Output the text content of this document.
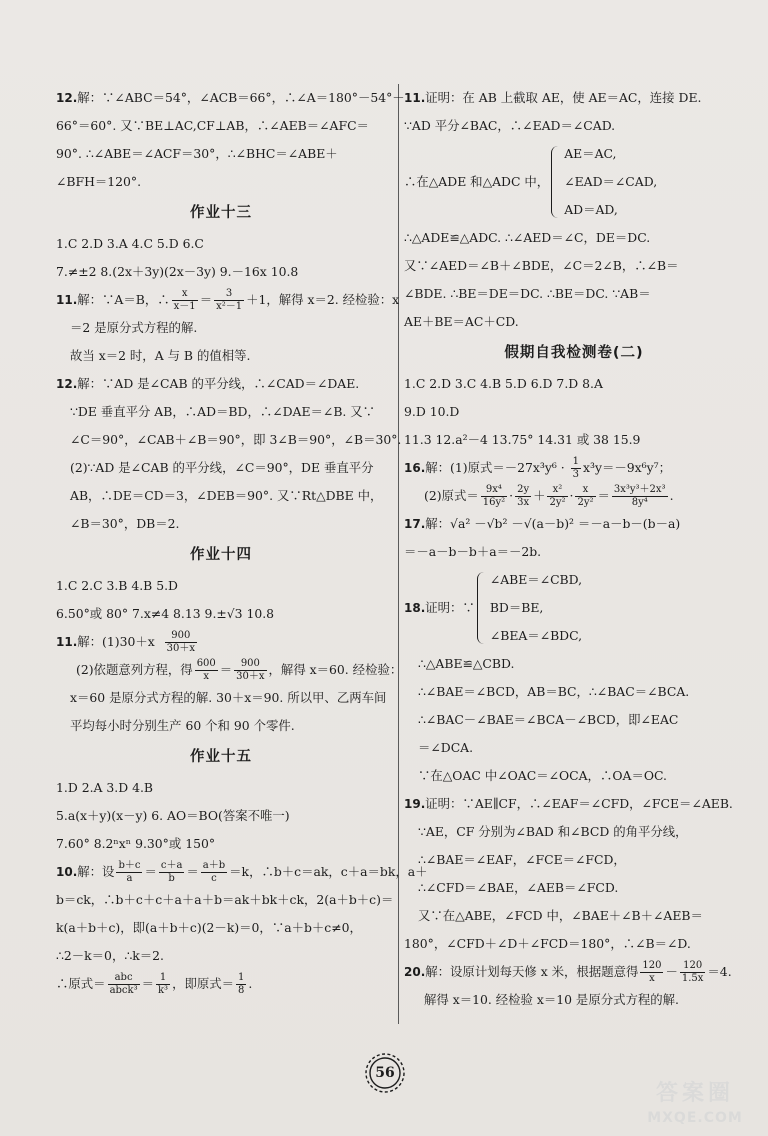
12.解：∵∠ABC＝54°，∠ACB＝66°，∴∠A＝180°－54°－
66°＝60°. 又∵BE⊥AC,CF⊥AB，∴∠AEB＝∠AFC＝
90°. ∴∠ABE＝∠ACF＝30°，∴∠BHC＝∠ABE＋
∠BFH＝120°.
作业十三
1.C 2.D 3.A 4.C 5.D 6.C
7.≠±2 8.(2x＋3y)(2x－3y) 9.－16x 10.8
11.解：∵A＝B，∴ $\frac{x}{x-1} = \frac{3}{\text{x²－1}} +1$，解得 x＝2. 经检验：x
＝2 是原分式方程的解.
故当 x＝2 时，A 与 B 的值相等.
12.解：∵AD 是∠CAB 的平分线，∴∠CAD＝∠DAE.
∵DE 垂直平分 AB，∴AD＝BD，∴∠DAE＝∠B. 又∵
∠C＝90°，∠CAB＋∠B＝90°，即 3∠B＝90°，∠B＝30°.
(2)∵AD 是∠CAB 的平分线，∠C＝90°，DE 垂直平分
AB，∴DE＝CD＝3，∠DEB＝90°. 又∵Rt△DBE 中，
∠B＝30°，DB＝2.
作业十四
1.C 2.C 3.B 4.B 5.D
6.50°或 80° 7.x≠4 8.13 9.±√3 10.8
11.解：$(1)30+x \frac{900}{30+x}$
(2)依题意列方程，得 $\frac{600}{x} = \frac{900}{30+x}$ ，解得 x＝60. 经检验：
x＝60 是原分式方程的解. 30＋x＝90. 所以甲、乙两车间
平均每小时分别生产 60 个和 90 个零件.
作业十五
1.D 2.A 3.D 4.B
5.a(x＋y)(x－y) 6. AO＝BO(答案不唯一)
7.60° 8.2ⁿxⁿ 9.30°或 150°
10.解：设 $\frac{b+c}{a} = \frac{c+a}{b} = \frac{a+b}{c} =k$，∴b＋c＝ak，c＋a＝bk，a＋
b＝ck，∴b＋c＋c＋a＋a＋b＝ak＋bk＋ck，2(a＋b＋c)＝
k(a＋b＋c)，即(a＋b＋c)(2－k)＝0，∵a＋b＋c≠0，
∴2－k＝0，∴k＝2.
∴原式＝ $\frac{\text{abc}}{\text{abck³}} = \frac{1}{\text{k³}}$ ，即原式＝ $\frac{1}{8}$ .
11.证明：在 AB 上截取 AE，使 AE＝AC，连接 DE.
∵AD 平分∠BAC，∴∠EAD＝∠CAD.
∴在△ADE 和△ADC 中，
AE＝AC,
∠EAD＝∠CAD,
AD＝AD,
∴△ADE≌△ADC. ∴∠AED＝∠C，DE＝DC.
又∵∠AED＝∠B＋∠BDE，∠C＝2∠B，∴∠B＝
∠BDE. ∴BE＝DE＝DC. ∴BE＝DC. ∵AB＝
AE＋BE＝AC＋CD.
假期自我检测卷(二)
1.C 2.D 3.C 4.B 5.D 6.D 7.D 8.A
9.D 10.D
11.3 12.a²－4 13.75° 14.31 或 38 15.9
16.解：(1)原式$=-27x^3y^6 \cdot \frac{1}{3} x^3y=-9x^6y^7$；
(2)原式＝ $\frac{\text{9x⁴}}{\text{16y²}} \cdot \frac{2y}{3x} + \frac{\text{x²}}{\text{2y²}} \cdot \frac{x}{\text{2y²}} = \frac{\text{3x³y³＋2x³}}{\text{8y⁴}}$ .
17.解：√a² －√b² －√(a－b)² ＝－a－b－(b－a)
＝－a－b－b＋a＝－2b.
18. 证明：∵
∠ABE＝∠CBD,
BD＝BE,
∠BEA＝∠BDC,
∴△ABE≌△CBD.
∴∠BAE＝∠BCD，AB＝BC，∴∠BAC＝∠BCA.
∴∠BAC－∠BAE＝∠BCA－∠BCD，即∠EAC
＝∠DCA.
∵在△OAC 中∠OAC＝∠OCA，∴OA＝OC.
19.证明：∵AE∥CF，∴∠EAF＝∠CFD，∠FCE＝∠AEB.
∵AE，CF 分别为∠BAD 和∠BCD 的角平分线，
∴∠BAE＝∠EAF，∠FCE＝∠FCD，
∴∠CFD＝∠BAE，∠AEB＝∠FCD.
又∵在△ABE，∠FCD 中，∠BAE＋∠B＋∠AEB＝
180°，∠CFD＋∠D＋∠FCD＝180°，∴∠B＝∠D.
20.解：设原计划每天修 x 米，根据题意得 $\frac{120}{x} - \frac{120}{1.5x} =4$.
解得 x＝10. 经检验 x＝10 是原分式方程的解.
56
答案圈
MXQE.COM
